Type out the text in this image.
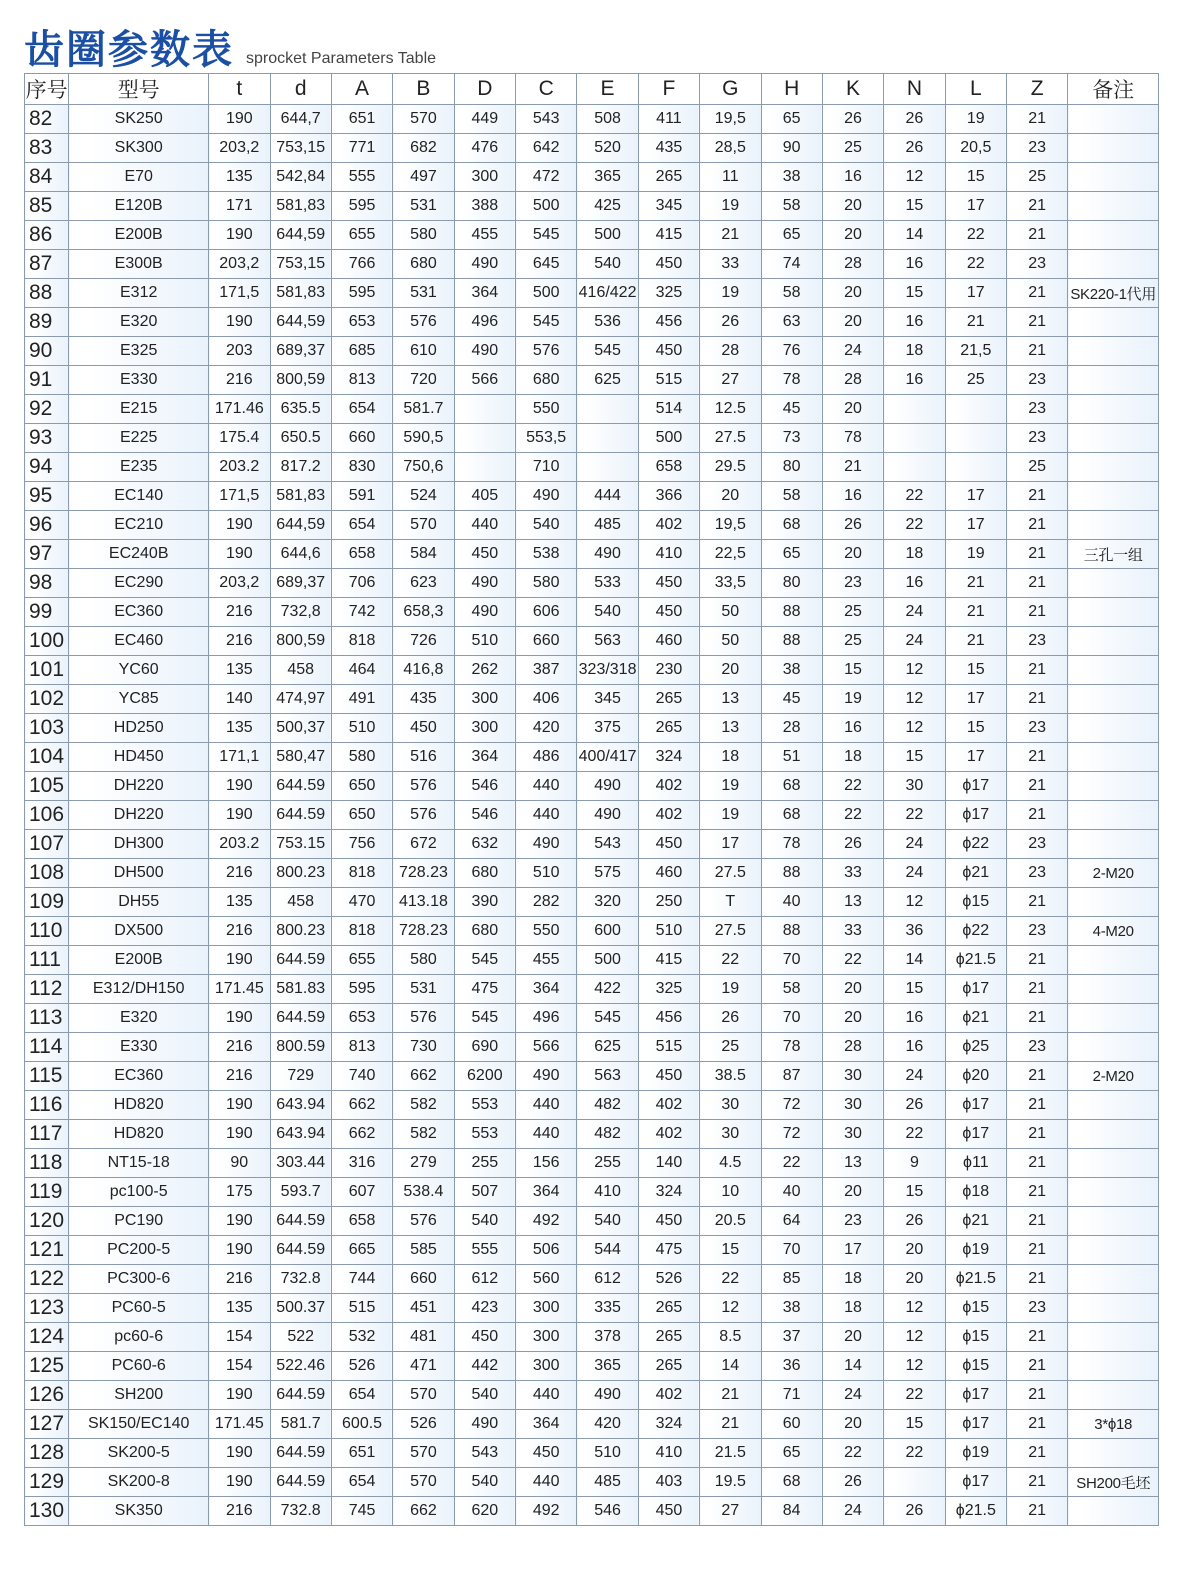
齿圈参数表 sprocket Parameters Table
序号	型号	t	d	A	B	D	C	E	F	G	H	K	N	L	Z	备注
82	SK250	190	644,7	651	570	449	543	508	411	19,5	65	26	26	19	21	
83	SK300	203,2	753,15	771	682	476	642	520	435	28,5	90	25	26	20,5	23	
84	E70	135	542,84	555	497	300	472	365	265	11	38	16	12	15	25	
85	E120B	171	581,83	595	531	388	500	425	345	19	58	20	15	17	21	
86	E200B	190	644,59	655	580	455	545	500	415	21	65	20	14	22	21	
87	E300B	203,2	753,15	766	680	490	645	540	450	33	74	28	16	22	23	
88	E312	171,5	581,83	595	531	364	500	416/422	325	19	58	20	15	17	21	SK220-1代用
89	E320	190	644,59	653	576	496	545	536	456	26	63	20	16	21	21	
90	E325	203	689,37	685	610	490	576	545	450	28	76	24	18	21,5	21	
91	E330	216	800,59	813	720	566	680	625	515	27	78	28	16	25	23	
92	E215	171.46	635.5	654	581.7		550		514	12.5	45	20			23	
93	E225	175.4	650.5	660	590,5		553,5		500	27.5	73	78			23	
94	E235	203.2	817.2	830	750,6		710		658	29.5	80	21			25	
95	EC140	171,5	581,83	591	524	405	490	444	366	20	58	16	22	17	21	
96	EC210	190	644,59	654	570	440	540	485	402	19,5	68	26	22	17	21	
97	EC240B	190	644,6	658	584	450	538	490	410	22,5	65	20	18	19	21	三孔一组
98	EC290	203,2	689,37	706	623	490	580	533	450	33,5	80	23	16	21	21	
99	EC360	216	732,8	742	658,3	490	606	540	450	50	88	25	24	21	21	
100	EC460	216	800,59	818	726	510	660	563	460	50	88	25	24	21	23	
101	YC60	135	458	464	416,8	262	387	323/318	230	20	38	15	12	15	21	
102	YC85	140	474,97	491	435	300	406	345	265	13	45	19	12	17	21	
103	HD250	135	500,37	510	450	300	420	375	265	13	28	16	12	15	23	
104	HD450	171,1	580,47	580	516	364	486	400/417	324	18	51	18	15	17	21	
105	DH220	190	644.59	650	576	546	440	490	402	19	68	22	30	ϕ17	21	
106	DH220	190	644.59	650	576	546	440	490	402	19	68	22	22	ϕ17	21	
107	DH300	203.2	753.15	756	672	632	490	543	450	17	78	26	24	ϕ22	23	
108	DH500	216	800.23	818	728.23	680	510	575	460	27.5	88	33	24	ϕ21	23	2-M20
109	DH55	135	458	470	413.18	390	282	320	250	T	40	13	12	ϕ15	21	
110	DX500	216	800.23	818	728.23	680	550	600	510	27.5	88	33	36	ϕ22	23	4-M20
111	E200B	190	644.59	655	580	545	455	500	415	22	70	22	14	ϕ21.5	21	
112	E312/DH150	171.45	581.83	595	531	475	364	422	325	19	58	20	15	ϕ17	21	
113	E320	190	644.59	653	576	545	496	545	456	26	70	20	16	ϕ21	21	
114	E330	216	800.59	813	730	690	566	625	515	25	78	28	16	ϕ25	23	
115	EC360	216	729	740	662	6200	490	563	450	38.5	87	30	24	ϕ20	21	2-M20
116	HD820	190	643.94	662	582	553	440	482	402	30	72	30	26	ϕ17	21	
117	HD820	190	643.94	662	582	553	440	482	402	30	72	30	22	ϕ17	21	
118	NT15-18	90	303.44	316	279	255	156	255	140	4.5	22	13	9	ϕ11	21	
119	pc100-5	175	593.7	607	538.4	507	364	410	324	10	40	20	15	ϕ18	21	
120	PC190	190	644.59	658	576	540	492	540	450	20.5	64	23	26	ϕ21	21	
121	PC200-5	190	644.59	665	585	555	506	544	475	15	70	17	20	ϕ19	21	
122	PC300-6	216	732.8	744	660	612	560	612	526	22	85	18	20	ϕ21.5	21	
123	PC60-5	135	500.37	515	451	423	300	335	265	12	38	18	12	ϕ15	23	
124	pc60-6	154	522	532	481	450	300	378	265	8.5	37	20	12	ϕ15	21	
125	PC60-6	154	522.46	526	471	442	300	365	265	14	36	14	12	ϕ15	21	
126	SH200	190	644.59	654	570	540	440	490	402	21	71	24	22	ϕ17	21	
127	SK150/EC140	171.45	581.7	600.5	526	490	364	420	324	21	60	20	15	ϕ17	21	3*ϕ18
128	SK200-5	190	644.59	651	570	543	450	510	410	21.5	65	22	22	ϕ19	21	
129	SK200-8	190	644.59	654	570	540	440	485	403	19.5	68	26		ϕ17	21	SH200毛坯
130	SK350	216	732.8	745	662	620	492	546	450	27	84	24	26	ϕ21.5	21	
